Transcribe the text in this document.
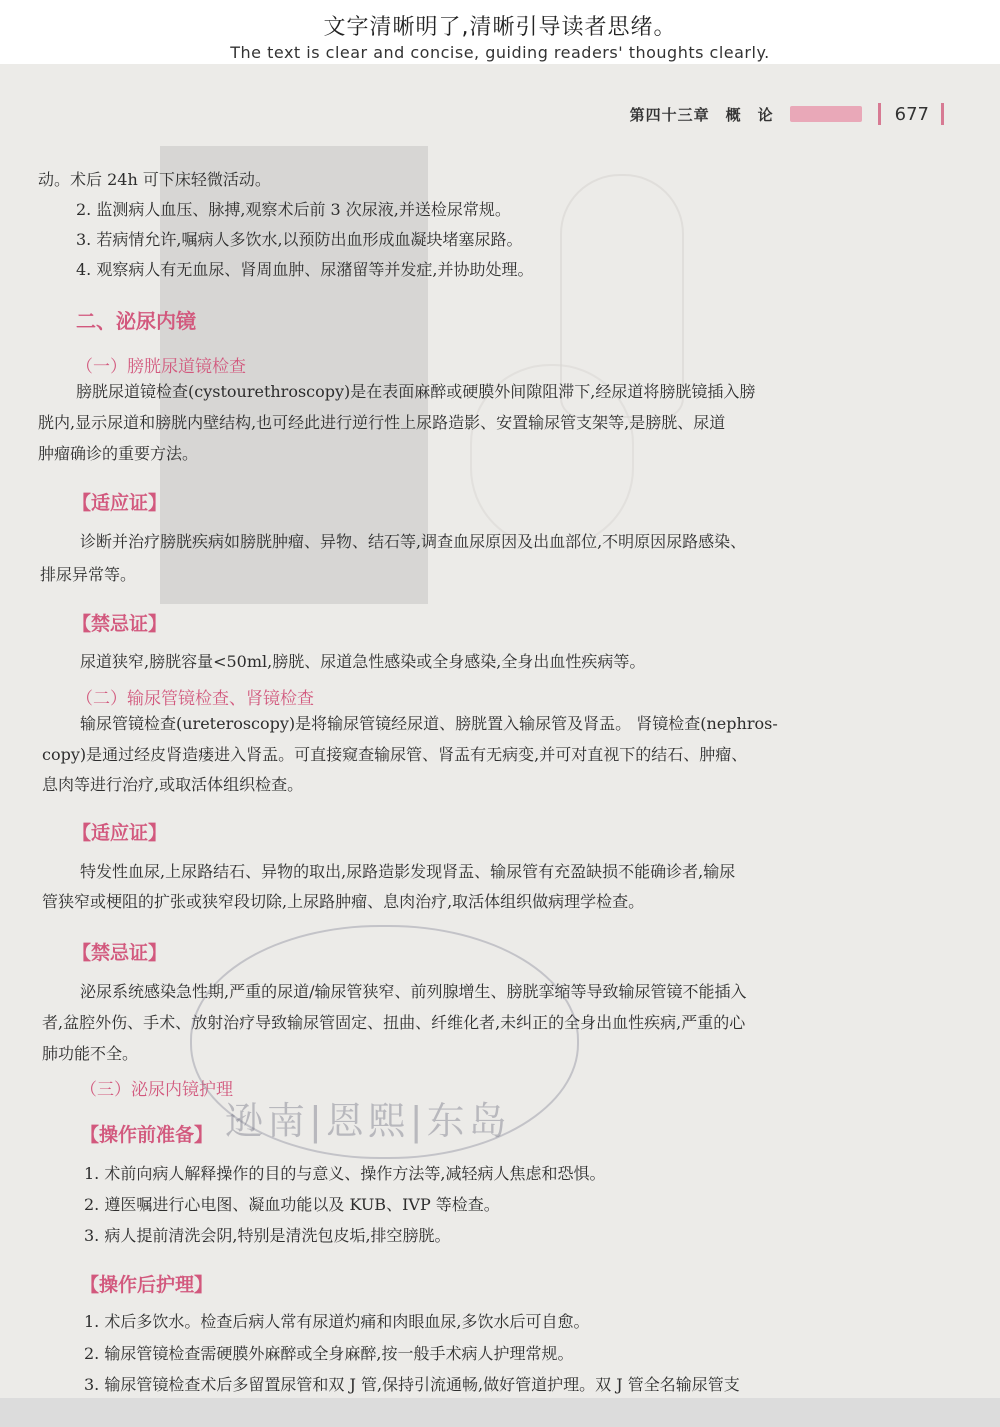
文字清晰明了,清晰引导读者思绪。
The text is clear and concise, guiding readers' thoughts clearly.
第四十三章　概　论	677
动。术后 24h 可下床轻微活动。
2. 监测病人血压、脉搏,观察术后前 3 次尿液,并送检尿常规。
3. 若病情允许,嘱病人多饮水,以预防出血形成血凝块堵塞尿路。
4. 观察病人有无血尿、肾周血肿、尿潴留等并发症,并协助处理。
二、泌尿内镜
（一）膀胱尿道镜检查
膀胱尿道镜检查(cystourethroscopy)是在表面麻醉或硬膜外间隙阻滞下,经尿道将膀胱镜插入膀
胱内,显示尿道和膀胱内壁结构,也可经此进行逆行性上尿路造影、安置输尿管支架等,是膀胱、尿道
肿瘤确诊的重要方法。
【适应证】
诊断并治疗膀胱疾病如膀胱肿瘤、异物、结石等,调查血尿原因及出血部位,不明原因尿路感染、
排尿异常等。
【禁忌证】
尿道狭窄,膀胱容量<50ml,膀胱、尿道急性感染或全身感染,全身出血性疾病等。
（二）输尿管镜检查、肾镜检查
输尿管镜检查(ureteroscopy)是将输尿管镜经尿道、膀胱置入输尿管及肾盂。 肾镜检查(nephros-
copy)是通过经皮肾造瘘进入肾盂。可直接窥查输尿管、肾盂有无病变,并可对直视下的结石、肿瘤、
息肉等进行治疗,或取活体组织检查。
【适应证】
特发性血尿,上尿路结石、异物的取出,尿路造影发现肾盂、输尿管有充盈缺损不能确诊者,输尿
管狭窄或梗阻的扩张或狭窄段切除,上尿路肿瘤、息肉治疗,取活体组织做病理学检查。
【禁忌证】
泌尿系统感染急性期,严重的尿道/输尿管狭窄、前列腺增生、膀胱挛缩等导致输尿管镜不能插入
者,盆腔外伤、手术、放射治疗导致输尿管固定、扭曲、纤维化者,未纠正的全身出血性疾病,严重的心
肺功能不全。
（三）泌尿内镜护理
【操作前准备】
1. 术前向病人解释操作的目的与意义、操作方法等,减轻病人焦虑和恐惧。
2. 遵医嘱进行心电图、凝血功能以及 KUB、IVP 等检查。
3. 病人提前清洗会阴,特别是清洗包皮垢,排空膀胱。
【操作后护理】
1. 术后多饮水。检查后病人常有尿道灼痛和肉眼血尿,多饮水后可自愈。
2. 输尿管镜检查需硬膜外麻醉或全身麻醉,按一般手术病人护理常规。
3. 输尿管镜检查术后多留置尿管和双 J 管,保持引流通畅,做好管道护理。双 J 管全名输尿管支
逊南|恩熙|东岛
